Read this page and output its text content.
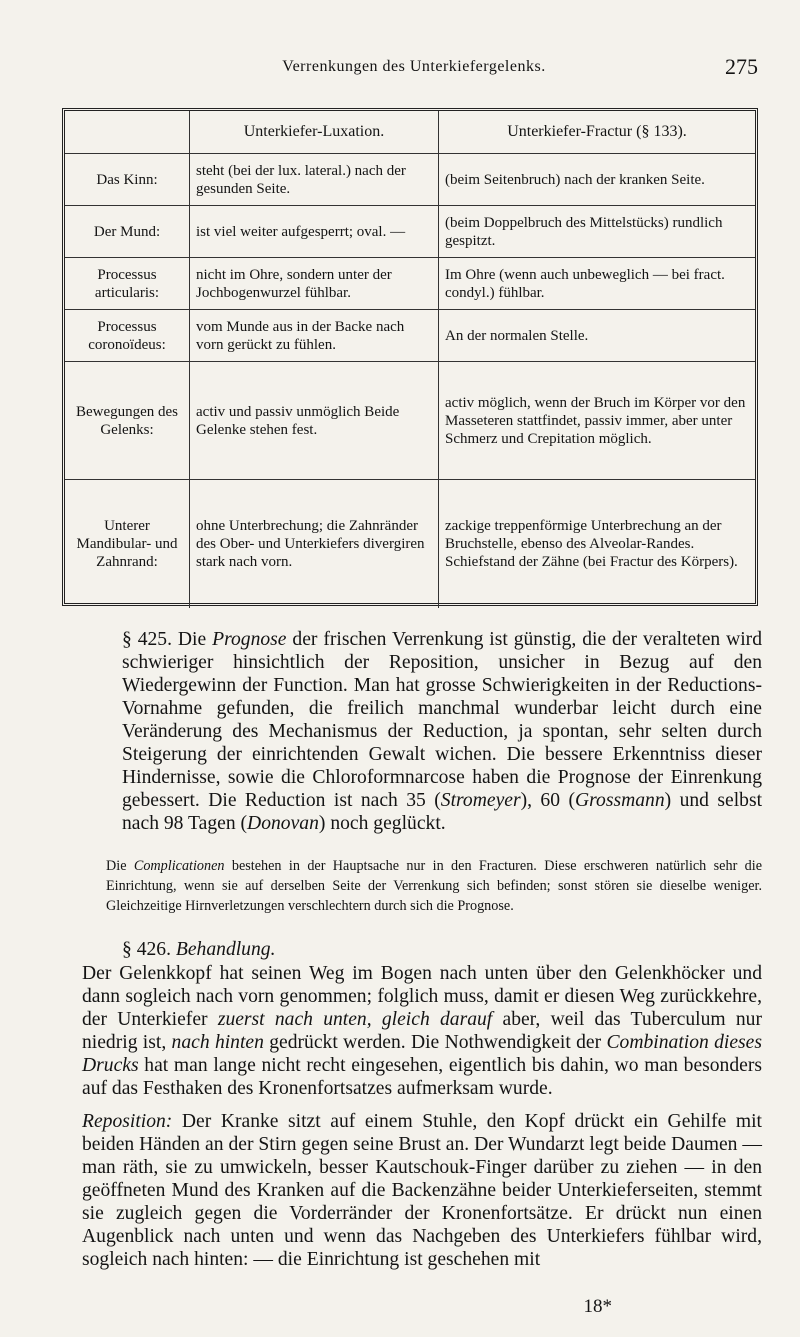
Verrenkungen des Unterkiefergelenks.	275
	Unterkiefer-Luxation.	Unterkiefer-Fractur (§ 133).
Das Kinn:	steht (bei der lux. lateral.) nach der gesunden Seite.	(beim Seitenbruch) nach der kranken Seite.
Der Mund:	ist viel weiter aufgesperrt; oval. —	(beim Doppelbruch des Mittelstücks) rundlich gespitzt.
Processus articularis:	nicht im Ohre, sondern unter der Jochbogenwurzel fühlbar.	Im Ohre (wenn auch unbeweglich — bei fract. condyl.) fühlbar.
Processus coronoïdeus:	vom Munde aus in der Backe nach vorn gerückt zu fühlen.	An der normalen Stelle.
Bewegungen des Gelenks:	activ und passiv unmöglich Beide Gelenke stehen fest.	activ möglich, wenn der Bruch im Körper vor den Masseteren stattfindet, passiv immer, aber unter Schmerz und Crepitation möglich.
Unterer Mandibular- und Zahnrand:	ohne Unterbrechung; die Zahnränder des Ober- und Unterkiefers divergiren stark nach vorn.	zackige treppenförmige Unterbrechung an der Bruchstelle, ebenso des Alveolar-Randes. Schiefstand der Zähne (bei Fractur des Körpers).

§ 425. Die Prognose der frischen Verrenkung ist günstig, die der veralteten wird schwieriger hinsichtlich der Reposition, unsicher in Bezug auf den Wiedergewinn der Function. Man hat grosse Schwierigkeiten in der Reductions-Vornahme gefunden, die freilich manchmal wunderbar leicht durch eine Veränderung des Mechanismus der Reduction, ja spontan, sehr selten durch Steigerung der einrichtenden Gewalt wichen. Die bessere Erkenntniss dieser Hindernisse, sowie die Chloroformnarcose haben die Prognose der Einrenkung gebessert. Die Reduction ist nach 35 (Stromeyer), 60 (Grossmann) und selbst nach 98 Tagen (Donovan) noch geglückt.

Die Complicationen bestehen in der Hauptsache nur in den Fracturen. Diese erschweren natürlich sehr die Einrichtung, wenn sie auf derselben Seite der Verrenkung sich befinden; sonst stören sie dieselbe weniger. Gleichzeitige Hirnverletzungen verschlechtern durch sich die Prognose.

§ 426. Behandlung.

Der Gelenkkopf hat seinen Weg im Bogen nach unten über den Gelenkhöcker und dann sogleich nach vorn genommen; folglich muss, damit er diesen Weg zurückkehre, der Unterkiefer zuerst nach unten, gleich darauf aber, weil das Tuberculum nur niedrig ist, nach hinten gedrückt werden. Die Nothwendigkeit der Combination dieses Drucks hat man lange nicht recht eingesehen, eigentlich bis dahin, wo man besonders auf das Festhaken des Kronenfortsatzes aufmerksam wurde.

Reposition: Der Kranke sitzt auf einem Stuhle, den Kopf drückt ein Gehilfe mit beiden Händen an der Stirn gegen seine Brust an. Der Wundarzt legt beide Daumen — man räth, sie zu umwickeln, besser Kautschouk-Finger darüber zu ziehen — in den geöffneten Mund des Kranken auf die Backenzähne beider Unterkieferseiten, stemmt sie zugleich gegen die Vorderränder der Kronenfortsätze. Er drückt nun einen Augenblick nach unten und wenn das Nachgeben des Unterkiefers fühlbar wird, sogleich nach hinten: — die Einrichtung ist geschehen mit

18*
